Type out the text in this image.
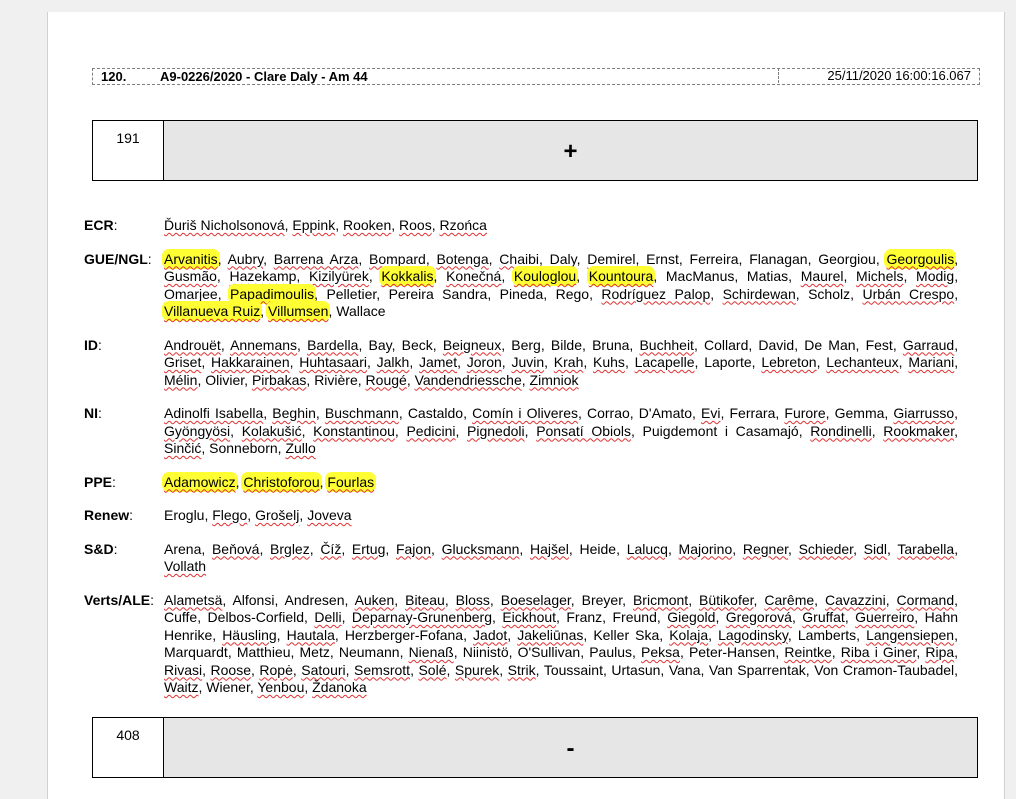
120.	A9-0226/2020 - Clare Daly - Am 44	25/11/2020 16:00:16.067
191	+
ECR:	Ďuriš Nicholsonová, Eppink, Rooken, Roos, Rzońca
GUE/NGL: Arvanitis, Aubry, Barrena Arza, Bompard, Botenga, Chaibi, Daly, Demirel, Ernst, Ferreira, Flanagan, Georgiou, Georgoulis, Gusmão, Hazekamp, Kizilyürek, Kokkalis, Konečná, Kouloglou, Kountoura, MacManus, Matias, Maurel, Michels, Modig, Omarjee, Papadimoulis, Pelletier, Pereira Sandra, Pineda, Rego, Rodríguez Palop, Schirdewan, Scholz, Urbán Crespo, Villanueva Ruiz, Villumsen, Wallace
ID:	Androuët, Annemans, Bardella, Bay, Beck, Beigneux, Berg, Bilde, Bruna, Buchheit, Collard, David, De Man, Fest, Garraud, Griset, Hakkarainen, Huhtasaari, Jalkh, Jamet, Joron, Juvin, Krah, Kuhs, Lacapelle, Laporte, Lebreton, Lechanteux, Mariani, Mélin, Olivier, Pirbakas, Rivière, Rougé, Vandendriessche, Zimniok
NI:	Adinolfi Isabella, Beghin, Buschmann, Castaldo, Comín i Oliveres, Corrao, D'Amato, Evi, Ferrara, Furore, Gemma, Giarrusso, Gyöngyösi, Kolakušić, Konstantinou, Pedicini, Pignedoli, Ponsatí Obiols, Puigdemont i Casamajó, Rondinelli, Rookmaker, Sinčić, Sonneborn, Zullo
PPE:	Adamowicz, Christoforou, Fourlas
Renew: Eroglu, Flego, Grošelj, Joveva
S&D:	Arena, Beňová, Brglez, Číž, Ertug, Fajon, Glucksmann, Hajšel, Heide, Lalucq, Majorino, Regner, Schieder, Sidl, Tarabella, Vollath
Verts/ALE: Alametsä, Alfonsi, Andresen, Auken, Biteau, Bloss, Boeselager, Breyer, Bricmont, Bütikofer, Carême, Cavazzini, Cormand, Cuffe, Delbos-Corfield, Delli, Deparnay-Grunenberg, Eickhout, Franz, Freund, Giegold, Gregorová, Gruffat, Guerreiro, Hahn Henrike, Häusling, Hautala, Herzberger-Fofana, Jadot, Jakeliūnas, Keller Ska, Kolaja, Lagodinsky, Lamberts, Langensiepen, Marquardt, Matthieu, Metz, Neumann, Nienaß, Niinistö, O'Sullivan, Paulus, Peksa, Peter-Hansen, Reintke, Riba i Giner, Ripa, Rivasi, Roose, Ropė, Satouri, Semsrott, Solé, Spurek, Strik, Toussaint, Urtasun, Vana, Van Sparrentak, Von Cramon-Taubadel, Waitz, Wiener, Yenbou, Ždanoka
408	-
